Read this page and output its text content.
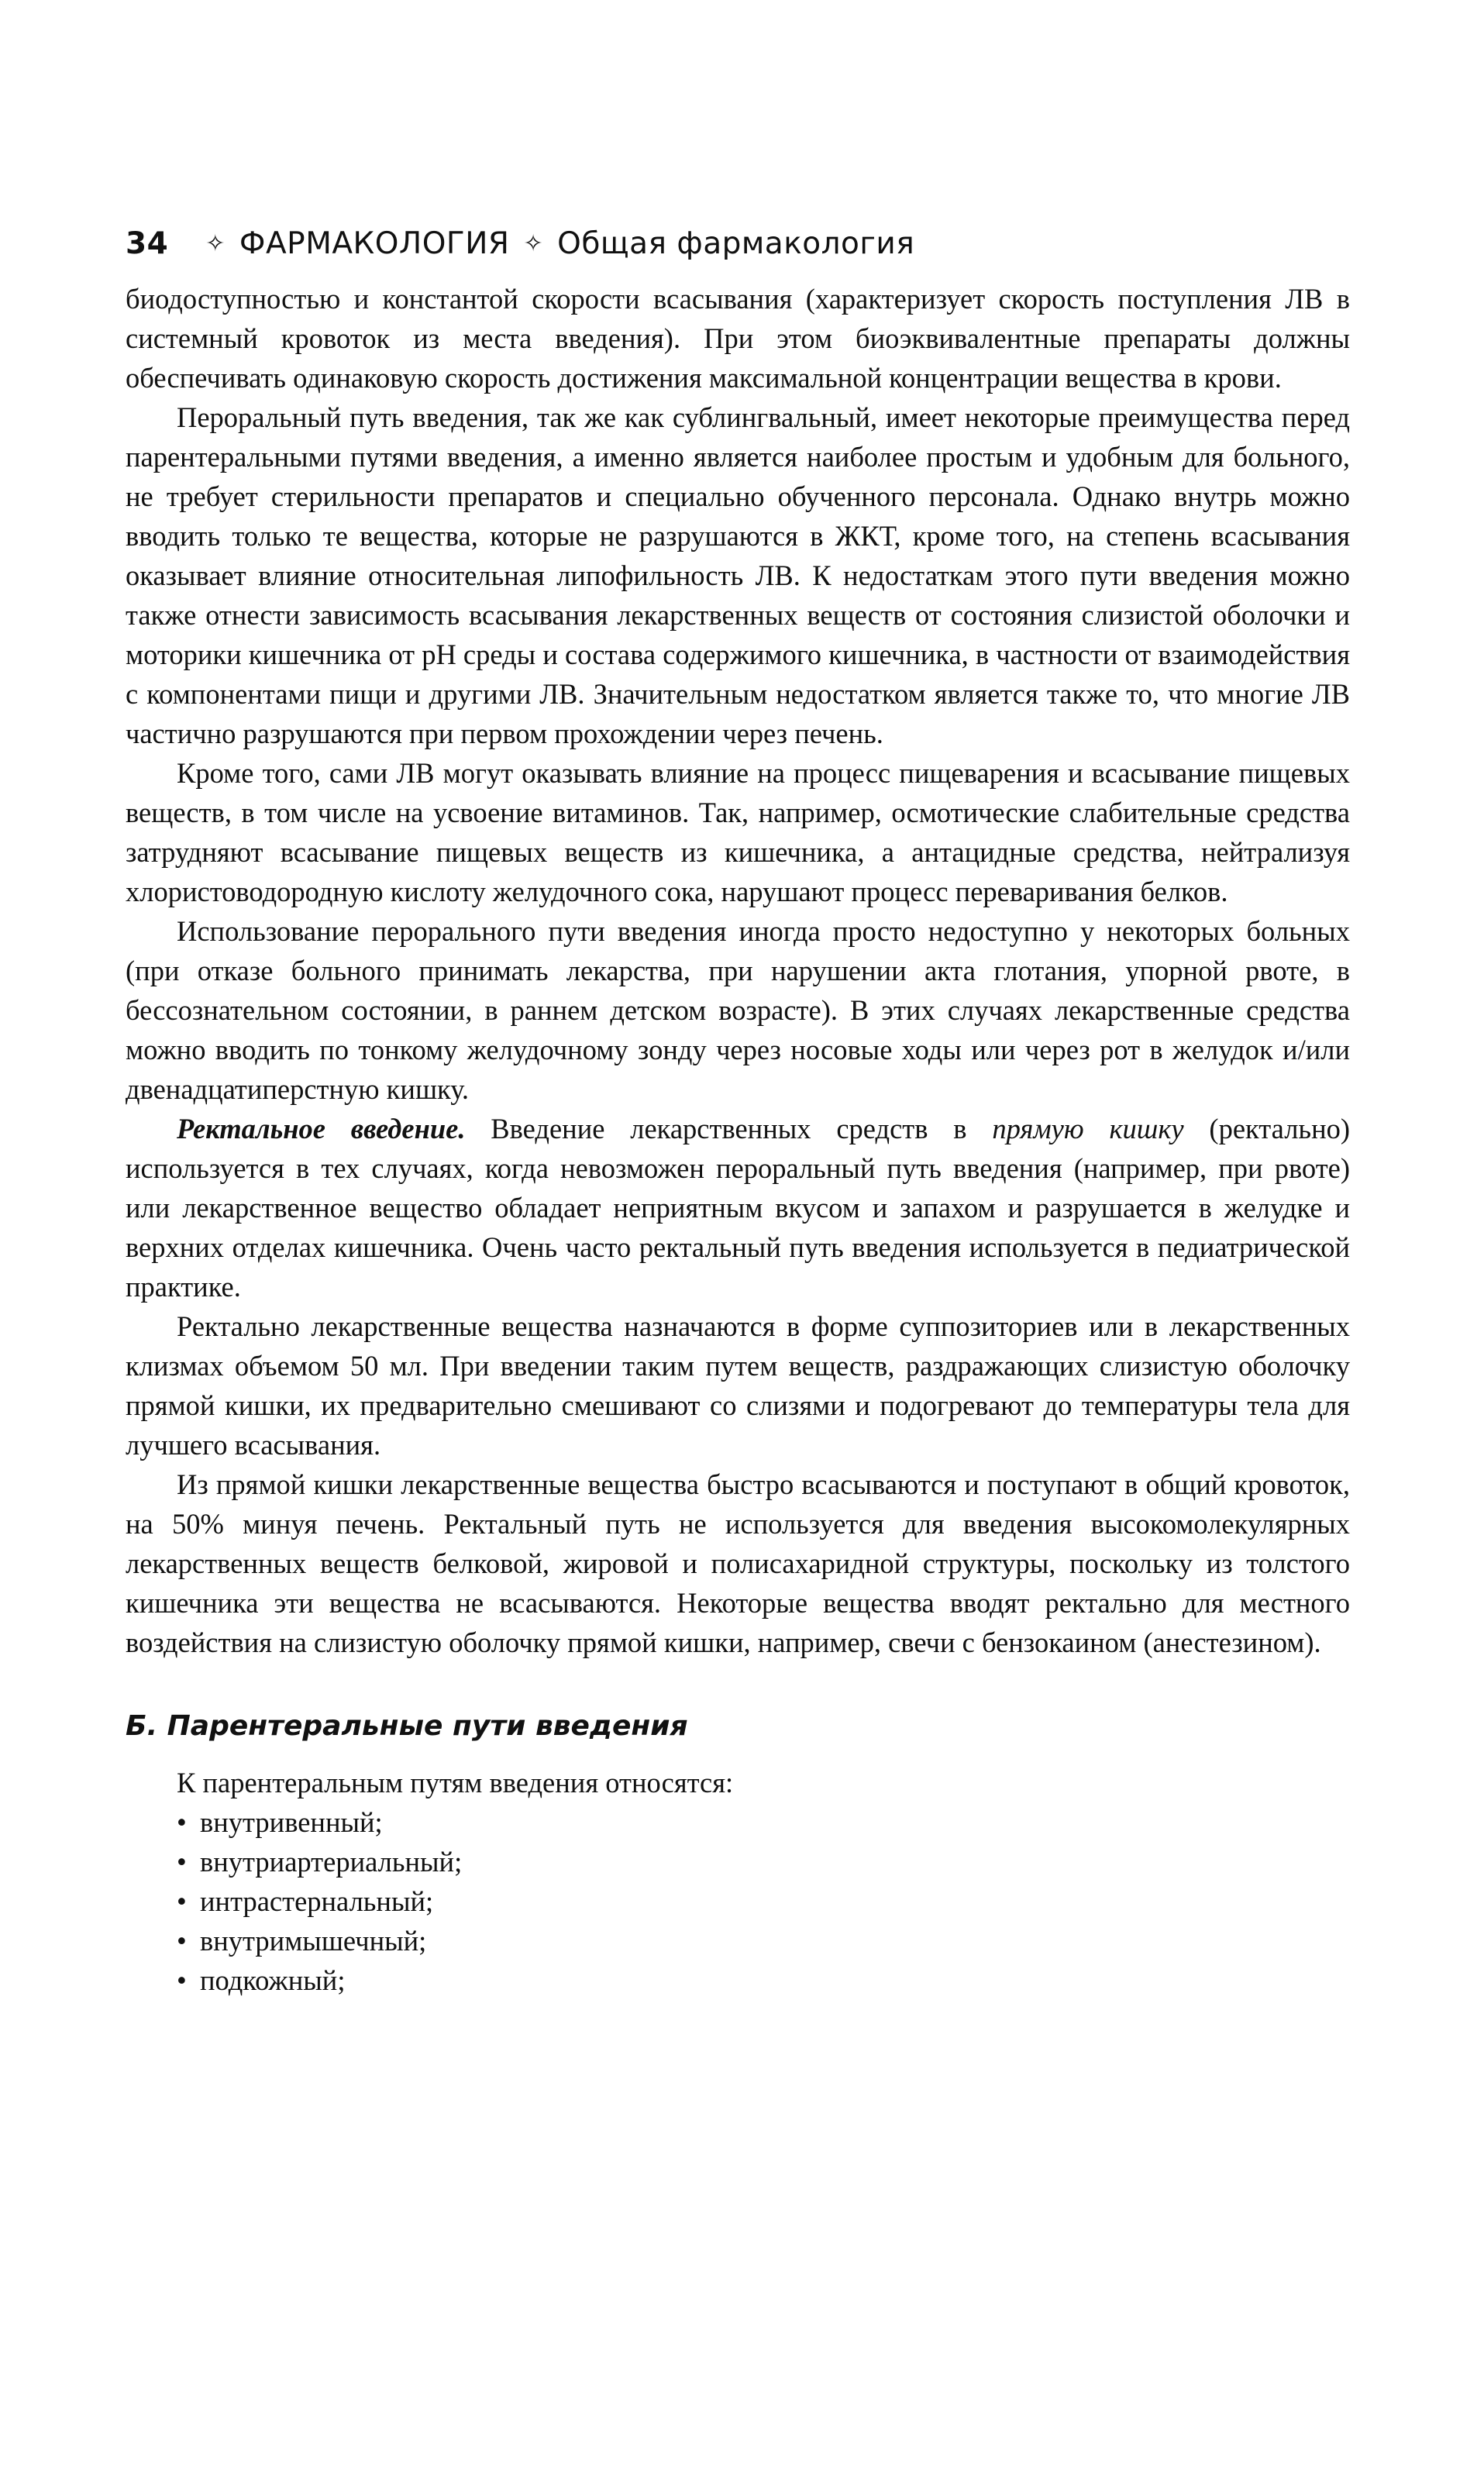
34 ✧ ФАРМАКОЛОГИЯ ✧ Общая фармакология

биодоступностью и константой скорости всасывания (характеризует скорость поступления ЛВ в системный кровоток из места введения). При этом биоэквивалентные препараты должны обеспечивать одинаковую скорость достижения максимальной концентрации вещества в крови.

Пероральный путь введения, так же как сублингвальный, имеет некоторые преимущества перед парентеральными путями введения, а именно является наиболее простым и удобным для больного, не требует стерильности препаратов и специально обученного персонала. Однако внутрь можно вводить только те вещества, которые не разрушаются в ЖКТ, кроме того, на степень всасывания оказывает влияние относительная липофильность ЛВ. К недостаткам этого пути введения можно также отнести зависимость всасывания лекарственных веществ от состояния слизистой оболочки и моторики кишечника от pH среды и состава содержимого кишечника, в частности от взаимодействия с компонентами пищи и другими ЛВ. Значительным недостатком является также то, что многие ЛВ частично разрушаются при первом прохождении через печень.

Кроме того, сами ЛВ могут оказывать влияние на процесс пищеварения и всасывание пищевых веществ, в том числе на усвоение витаминов. Так, например, осмотические слабительные средства затрудняют всасывание пищевых веществ из кишечника, а антацидные средства, нейтрализуя хлористоводородную кислоту желудочного сока, нарушают процесс переваривания белков.

Использование перорального пути введения иногда просто недоступно у некоторых больных (при отказе больного принимать лекарства, при нарушении акта глотания, упорной рвоте, в бессознательном состоянии, в раннем детском возрасте). В этих случаях лекарственные средства можно вводить по тонкому желудочному зонду через носовые ходы или через рот в желудок и/или двенадцатиперстную кишку.

Ректальное введение. Введение лекарственных средств в прямую кишку (ректально) используется в тех случаях, когда невозможен пероральный путь введения (например, при рвоте) или лекарственное вещество обладает неприятным вкусом и запахом и разрушается в желудке и верхних отделах кишечника. Очень часто ректальный путь введения используется в педиатрической практике.

Ректально лекарственные вещества назначаются в форме суппозиториев или в лекарственных клизмах объемом 50 мл. При введении таким путем веществ, раздражающих слизистую оболочку прямой кишки, их предварительно смешивают со слизями и подогревают до температуры тела для лучшего всасывания.

Из прямой кишки лекарственные вещества быстро всасываются и поступают в общий кровоток, на 50% минуя печень. Ректальный путь не используется для введения высокомолекулярных лекарственных веществ белковой, жировой и полисахаридной структуры, поскольку из толстого кишечника эти вещества не всасываются. Некоторые вещества вводят ректально для местного воздействия на слизистую оболочку прямой кишки, например, свечи с бензокаином (анестезином).

Б. Парентеральные пути введения

К парентеральным путям введения относятся:

• внутривенный;
• внутриартериальный;
• интрастернальный;
• внутримышечный;
• подкожный;
